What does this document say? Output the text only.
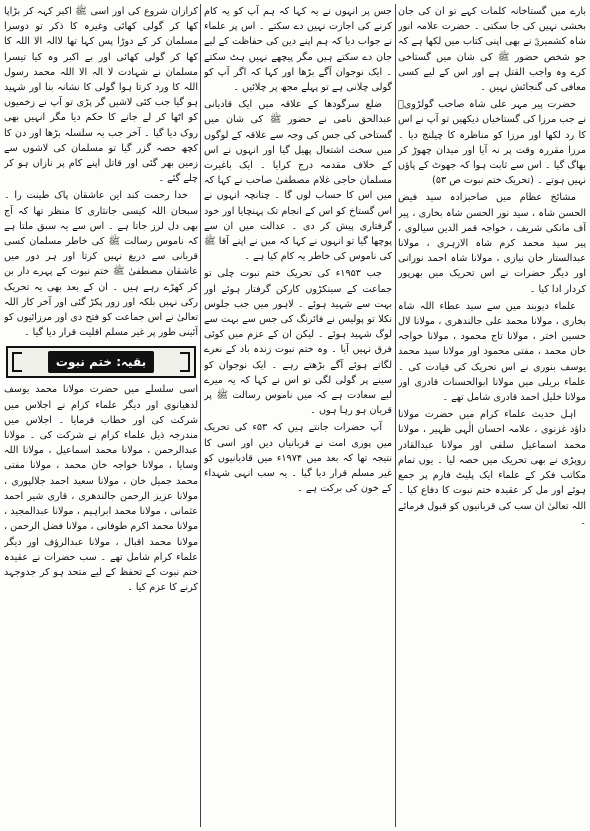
بارے میں گستاخانہ کلمات کہے تو ان کی جان بخشی نہیں کی جا سکتی ۔ حضرت علامہ انور شاہ کشمیریؒ نے بھی اپنی کتاب میں لکھا ہے کہ جو شخص حضور ﷺ کی شان میں گستاخی کرے وہ واجب القتل ہے اور اس کے لیے کسی معافی کی گنجائش نہیں ۔

حضرت پیر مہر علی شاہ صاحب گولڑویؒ نے جب مرزا کی گستاخیاں دیکھیں تو آپ نے اس کا رد لکھا اور مرزا کو مناظرہ کا چیلنج دیا ۔ مرزا مقررہ وقت پر نہ آیا اور میدان چھوڑ کر بھاگ گیا ۔ اس سے ثابت ہوا کہ جھوٹ کے پاؤں نہیں ہوتے ۔ (تحریک ختم نبوت ص ۵۳)

مشائخ عظام میں صاحبزادہ سید فیض الحسن شاہ ، سید نور الحسن شاہ بخاری ، پیر آف مانکی شریف ، خواجہ قمر الدین سیالوی ، پیر سید محمد کرم شاہ الازہری ، مولانا عبدالستار خان نیازی ، مولانا شاہ احمد نورانی اور دیگر حضرات نے اس تحریک میں بھرپور کردار ادا کیا ۔

علماء دیوبند میں سے سید عطاء اللہ شاہ بخاری ، مولانا محمد علی جالندھری ، مولانا لال حسین اختر ، مولانا تاج محمود ، مولانا خواجہ خان محمد ، مفتی محمود اور مولانا سید محمد یوسف بنوری نے اس تحریک کی قیادت کی ۔ علماء بریلی میں مولانا ابوالحسنات قادری اور مولانا خلیل احمد قادری شامل تھے ۔

اہل حدیث علماء کرام میں حضرت مولانا داؤد غزنوی ، علامہ احسان الٰہی ظہیر ، مولانا محمد اسماعیل سلفی اور مولانا عبدالقادر روپڑی نے بھی تحریک میں حصہ لیا ۔ یوں تمام مکاتب فکر کے علماء ایک پلیٹ فارم پر جمع ہوئے اور مل کر عقیدہ ختم نبوت کا دفاع کیا ۔ اللہ تعالیٰ ان سب کی قربانیوں کو قبول فرمائے ۔

جس پر انہوں نے یہ کہا کہ ہم آپ کو یہ کام کرنے کی اجازت نہیں دے سکتے ۔ اس پر علماء نے جواب دیا کہ ہم اپنے دین کی حفاظت کے لیے جان دے سکتے ہیں مگر پیچھے نہیں ہٹ سکتے ۔ ایک نوجوان آگے بڑھا اور کہا کہ اگر آپ کو گولی چلانی ہے تو پہلے مجھ پر چلائیں ۔

ضلع سرگودھا کے علاقہ میں ایک قادیانی عبدالحق نامی نے حضور ﷺ کی شان میں گستاخی کی جس کی وجہ سے علاقہ کے لوگوں میں سخت اشتعال پھیل گیا اور انہوں نے اس کے خلاف مقدمہ درج کرایا ۔ ایک باغیرت مسلمان حاجی غلام مصطفیٰ صاحب نے کہا کہ میں اس کا حساب لوں گا ۔ چنانچہ انہوں نے اس گستاخ کو اس کے انجام تک پہنچایا اور خود گرفتاری پیش کر دی ۔ عدالت میں ان سے پوچھا گیا تو انہوں نے کہا کہ میں نے اپنے آقا ﷺ کی ناموس کی خاطر یہ کام کیا ہے ۔

جب ۱۹۵۳ء کی تحریک ختم نبوت چلی تو جماعت کے سینکڑوں کارکن گرفتار ہوئے اور بہت سے شہید ہوئے ۔ لاہور میں جب جلوس نکلا تو پولیس نے فائرنگ کی جس سے بہت سے لوگ شہید ہوئے ۔ لیکن ان کے عزم میں کوئی فرق نہیں آیا ۔ وہ ختم نبوت زندہ باد کے نعرے لگاتے ہوئے آگے بڑھتے رہے ۔ ایک نوجوان کو سینے پر گولی لگی تو اس نے کہا کہ یہ میرے لیے سعادت ہے کہ میں ناموس رسالت ﷺ پر قربان ہو رہا ہوں ۔

آپ حضرات جانتے ہیں کہ ۵۳ء کی تحریک میں پوری امت نے قربانیاں دیں اور اسی کا نتیجہ تھا کہ بعد میں ۱۹۷۴ء میں قادیانیوں کو غیر مسلم قرار دیا گیا ۔ یہ سب انہی شہداء کے خون کی برکت ہے ۔

کرازان شروع کی اور اسی ﷺ اکبر کہہ کر بڑاپا کھا کر گولی کھائی وغیرہ کا ذکر تو دوسرا مسلمان کر کے دوڑا پس کہا تھا لاالہ الا اللہ کا کھا کر گولی کھائی اور بے اکبر وہ کیا تیسرا مسلمان نے شہادت لا الہ الا اللہ محمد رسول اللہ کا ورد کرتا ہوا گولی کا نشانہ بنا اور شہید ہو گیا جب کئی لاشیں گر پڑی تو آپ نے زخمیوں کو اٹھا کر لے جانے کا حکم دیا مگر انہیں بھی روک دیا گیا ۔ آخر جب یہ سلسلہ بڑھا اور دن کا کچھ حصہ گزر گیا تو مسلمان کی لاشوں سے زمین بھر گئی اور قاتل اپنے کام پر نازاں ہو کر چلے گئے ۔

خدا رحمت کند این عاشقان پاک طینت را ۔ سبحان اللہ کیسی جانثاری کا منظر تھا کہ آج بھی دل لرز جاتا ہے ۔ اس سے یہ سبق ملتا ہے کہ ناموس رسالت ﷺ کی خاطر مسلمان کسی قربانی سے دریغ نہیں کرتا اور ہر دور میں عاشقان مصطفیٰ ﷺ ختم نبوت کے پہرے دار بن کر کھڑے رہے ہیں ۔ ان کے بعد بھی یہ تحریک رکی نہیں بلکہ اور زور پکڑ گئی اور آخر کار اللہ تعالیٰ نے اس جماعت کو فتح دی اور مرزائیوں کو آئینی طور پر غیر مسلم اقلیت قرار دیا گیا ۔

بقیہ: ختم نبوت

اسی سلسلے میں حضرت مولانا محمد یوسف لدھیانوی اور دیگر علماء کرام نے اجلاس میں شرکت کی اور خطاب فرمایا ۔ اجلاس میں مندرجہ ذیل علماء کرام نے شرکت کی ۔ مولانا عبدالرحمن ، مولانا محمد اسماعیل ، مولانا اللہ وسایا ، مولانا خواجہ خان محمد ، مولانا مفتی محمد جمیل خان ، مولانا سعید احمد جلالپوری ، مولانا عزیز الرحمن جالندھری ، قاری شیر احمد عثمانی ، مولانا محمد ابراہیم ، مولانا عبدالمجید ، مولانا محمد اکرم طوفانی ، مولانا فضل الرحمن ، مولانا محمد اقبال ، مولانا عبدالرؤف اور دیگر علماء کرام شامل تھے ۔ سب حضرات نے عقیدہ ختم نبوت کے تحفظ کے لیے متحد ہو کر جدوجہد کرنے کا عزم کیا ۔
